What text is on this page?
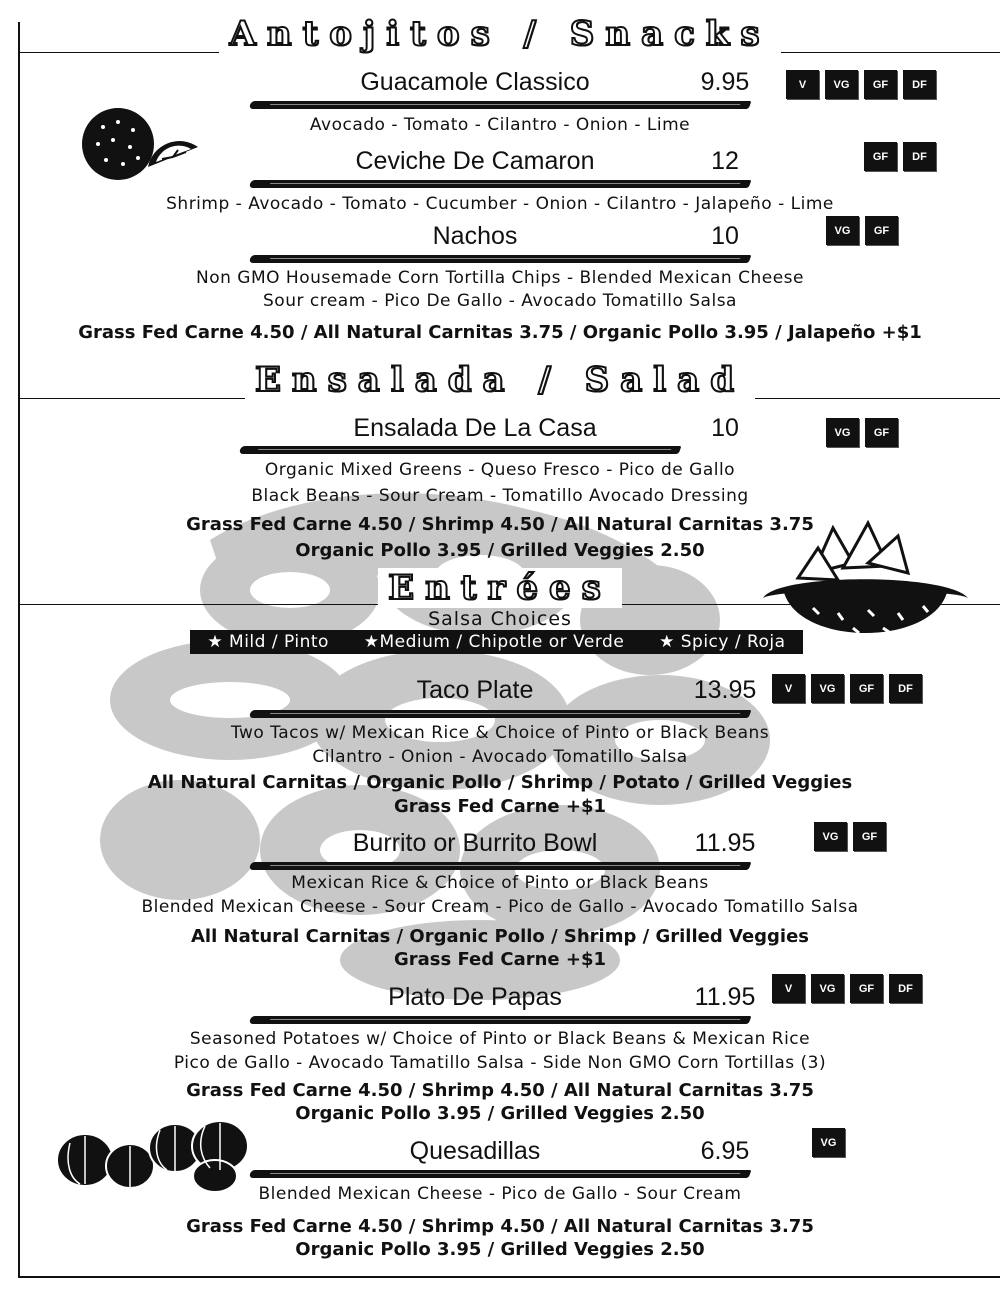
Antojitos / Snacks
Ensalada / Salad
Entrées
Guacamole Classico	9.95	V	VG	GF	DF
Avocado - Tomato - Cilantro - Onion - Lime
Ceviche De Camaron	12	GF	DF
Shrimp - Avocado - Tomato - Cucumber - Onion - Cilantro - Jalapeño - Lime
Nachos	10	VG	GF
Non GMO Housemade Corn Tortilla Chips - Blended Mexican Cheese
Sour cream - Pico De Gallo - Avocado Tomatillo Salsa
Grass Fed Carne 4.50 / All Natural Carnitas 3.75 / Organic Pollo 3.95 / Jalapeño +$1
Ensalada De La Casa	10	VG	GF
Organic Mixed Greens - Queso Fresco - Pico de Gallo
Black Beans - Sour Cream - Tomatillo Avocado Dressing
Grass Fed Carne 4.50 / Shrimp 4.50 / All Natural Carnitas 3.75
Organic Pollo 3.95 / Grilled Veggies 2.50
Salsa Choices
★ Mild / Pinto ★Medium / Chipotle or Verde ★ Spicy / Roja
Taco Plate	13.95	V	VG	GF	DF
Two Tacos w/ Mexican Rice & Choice of Pinto or Black Beans
Cilantro - Onion - Avocado Tomatillo Salsa
All Natural Carnitas / Organic Pollo / Shrimp / Potato / Grilled Veggies
Grass Fed Carne +$1
Burrito or Burrito Bowl	11.95	VG	GF
Mexican Rice & Choice of Pinto or Black Beans
Blended Mexican Cheese - Sour Cream - Pico de Gallo - Avocado Tomatillo Salsa
All Natural Carnitas / Organic Pollo / Shrimp / Grilled Veggies
Grass Fed Carne +$1
Plato De Papas	11.95	V	VG	GF	DF
Seasoned Potatoes w/ Choice of Pinto or Black Beans & Mexican Rice
Pico de Gallo - Avocado Tamatillo Salsa - Side Non GMO Corn Tortillas (3)
Grass Fed Carne 4.50 / Shrimp 4.50 / All Natural Carnitas 3.75
Organic Pollo 3.95 / Grilled Veggies 2.50
Quesadillas	6.95	VG
Blended Mexican Cheese - Pico de Gallo - Sour Cream
Grass Fed Carne 4.50 / Shrimp 4.50 / All Natural Carnitas 3.75
Organic Pollo 3.95 / Grilled Veggies 2.50
